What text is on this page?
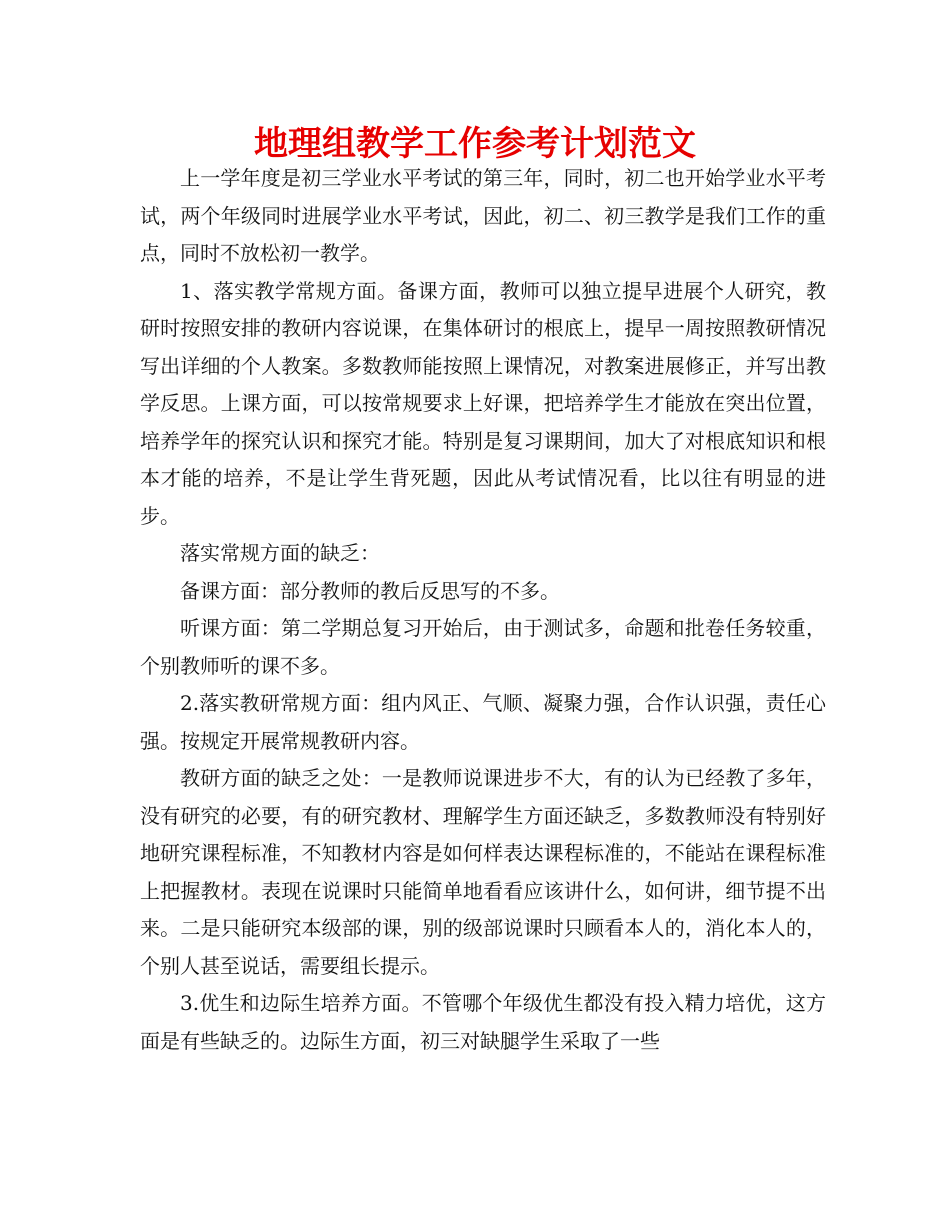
地理组教学工作参考计划范文

上一学年度是初三学业水平考试的第三年，同时，初二也开始学业水平考试，两个年级同时进展学业水平考试，因此，初二、初三教学是我们工作的重点，同时不放松初一教学。

1、落实教学常规方面。备课方面，教师可以独立提早进展个人研究，教研时按照安排的教研内容说课，在集体研讨的根底上，提早一周按照教研情况写出详细的个人教案。多数教师能按照上课情况，对教案进展修正，并写出教学反思。上课方面，可以按常规要求上好课，把培养学生才能放在突出位置，培养学年的探究认识和探究才能。特别是复习课期间，加大了对根底知识和根本才能的培养，不是让学生背死题，因此从考试情况看，比以往有明显的进步。

落实常规方面的缺乏：

备课方面：部分教师的教后反思写的不多。

听课方面：第二学期总复习开始后，由于测试多，命题和批卷任务较重，个别教师听的课不多。

2.落实教研常规方面：组内风正、气顺、凝聚力强，合作认识强，责任心强。按规定开展常规教研内容。

教研方面的缺乏之处：一是教师说课进步不大，有的认为已经教了多年，没有研究的必要，有的研究教材、理解学生方面还缺乏，多数教师没有特别好地研究课程标准，不知教材内容是如何样表达课程标准的，不能站在课程标准上把握教材。表现在说课时只能简单地看看应该讲什么，如何讲，细节提不出来。二是只能研究本级部的课，别的级部说课时只顾看本人的，消化本人的，个别人甚至说话，需要组长提示。

3.优生和边际生培养方面。不管哪个年级优生都没有投入精力培优，这方面是有些缺乏的。边际生方面，初三对缺腿学生采取了一些
